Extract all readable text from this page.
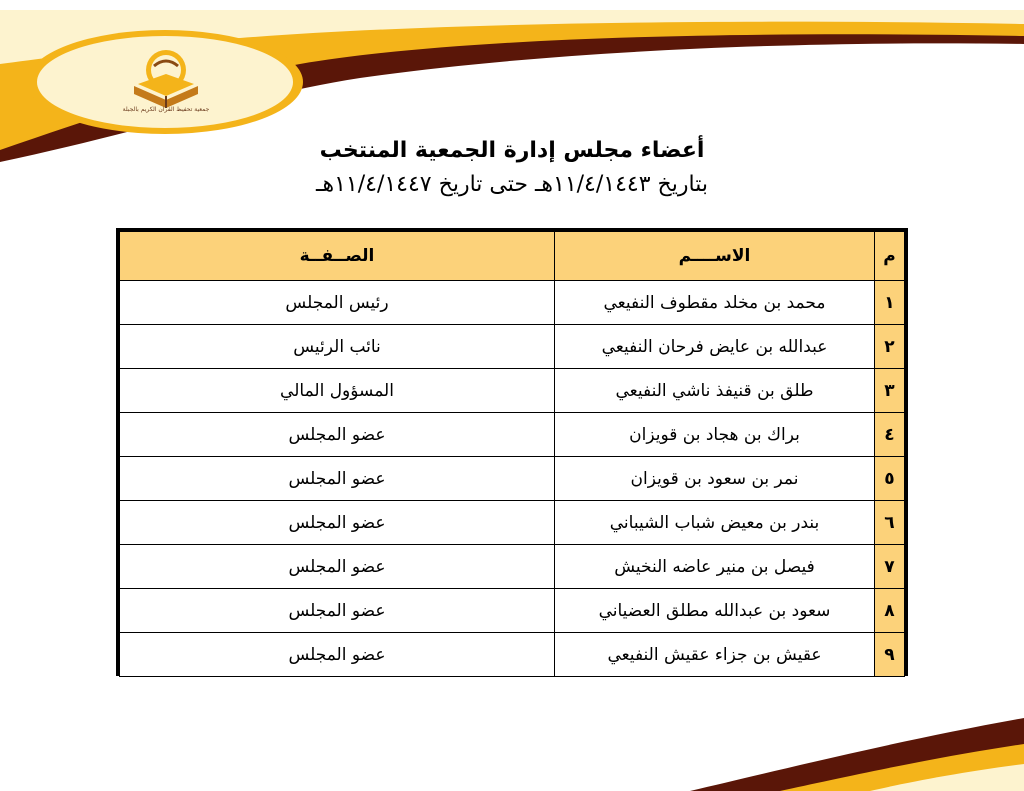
جمعية تحفيظ القرآن الكريم بالجبلة
أعضاء مجلس إدارة الجمعية المنتخب
بتاريخ ١١/٤/١٤٤٣هـ حتى تاريخ ١١/٤/١٤٤٧هـ
م	الاســــم	الصــفــة
١	محمد بن مخلد مقطوف النفيعي	رئيس المجلس
٢	عبدالله بن عايض فرحان النفيعي	نائب الرئيس
٣	طلق بن قنيفذ ناشي النفيعي	المسؤول المالي
٤	براك بن هجاد بن قويزان	عضو المجلس
٥	نمر بن سعود بن قويزان	عضو المجلس
٦	بندر بن معيض شباب الشيباني	عضو المجلس
٧	فيصل بن منير عاضه النخيش	عضو المجلس
٨	سعود بن عبدالله مطلق العضياني	عضو المجلس
٩	عقيش بن جزاء عقيش النفيعي	عضو المجلس
